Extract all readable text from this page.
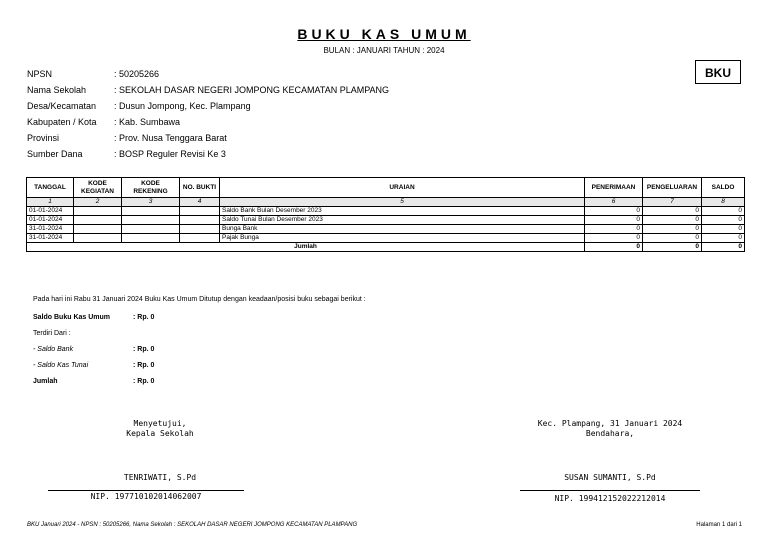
BUKU KAS UMUM
BULAN : JANUARI TAHUN : 2024
BKU
NPSN	: 50205266
Nama Sekolah	: SEKOLAH DASAR NEGERI JOMPONG KECAMATAN PLAMPANG
Desa/Kecamatan : Dusun Jompong, Kec. Plampang
Kabupaten / Kota : Kab. Sumbawa
Provinsi	: Prov. Nusa Tenggara Barat
Sumber Dana	: BOSP Reguler Revisi Ke 3
TANGGAL	KODE KEGIATAN	KODE REKENING	NO. BUKTI	URAIAN	PENERIMAAN	PENGELUARAN	SALDO
1	2	3	4	5	6	7	8
01-01-2024				Saldo Bank Bulan Desember 2023	0	0	0
01-01-2024				Saldo Tunai Bulan Desember 2023	0	0	0
31-01-2024				Bunga Bank	0	0	0
31-01-2024				Pajak Bunga	0	0	0
Jumlah					0	0	0
Pada hari ini Rabu 31 Januari 2024 Buku Kas Umum Ditutup dengan keadaan/posisi buku sebagai berikut :
Saldo Buku Kas Umum	: Rp. 0
Terdiri Dari :
- Saldo Bank	: Rp. 0
- Saldo Kas Tunai	: Rp. 0
Jumlah	: Rp. 0
Menyetujui,
Kepala Sekolah
TENRIWATI, S.Pd
NIP. 197710102014062007
Kec. Plampang, 31 Januari 2024
Bendahara,
SUSAN SUMANTI, S.Pd
NIP. 199412152022212014
BKU Januari 2024 - NPSN : 50205266, Nama Sekolah : SEKOLAH DASAR NEGERI JOMPONG KECAMATAN PLAMPANG	Halaman 1 dari 1
